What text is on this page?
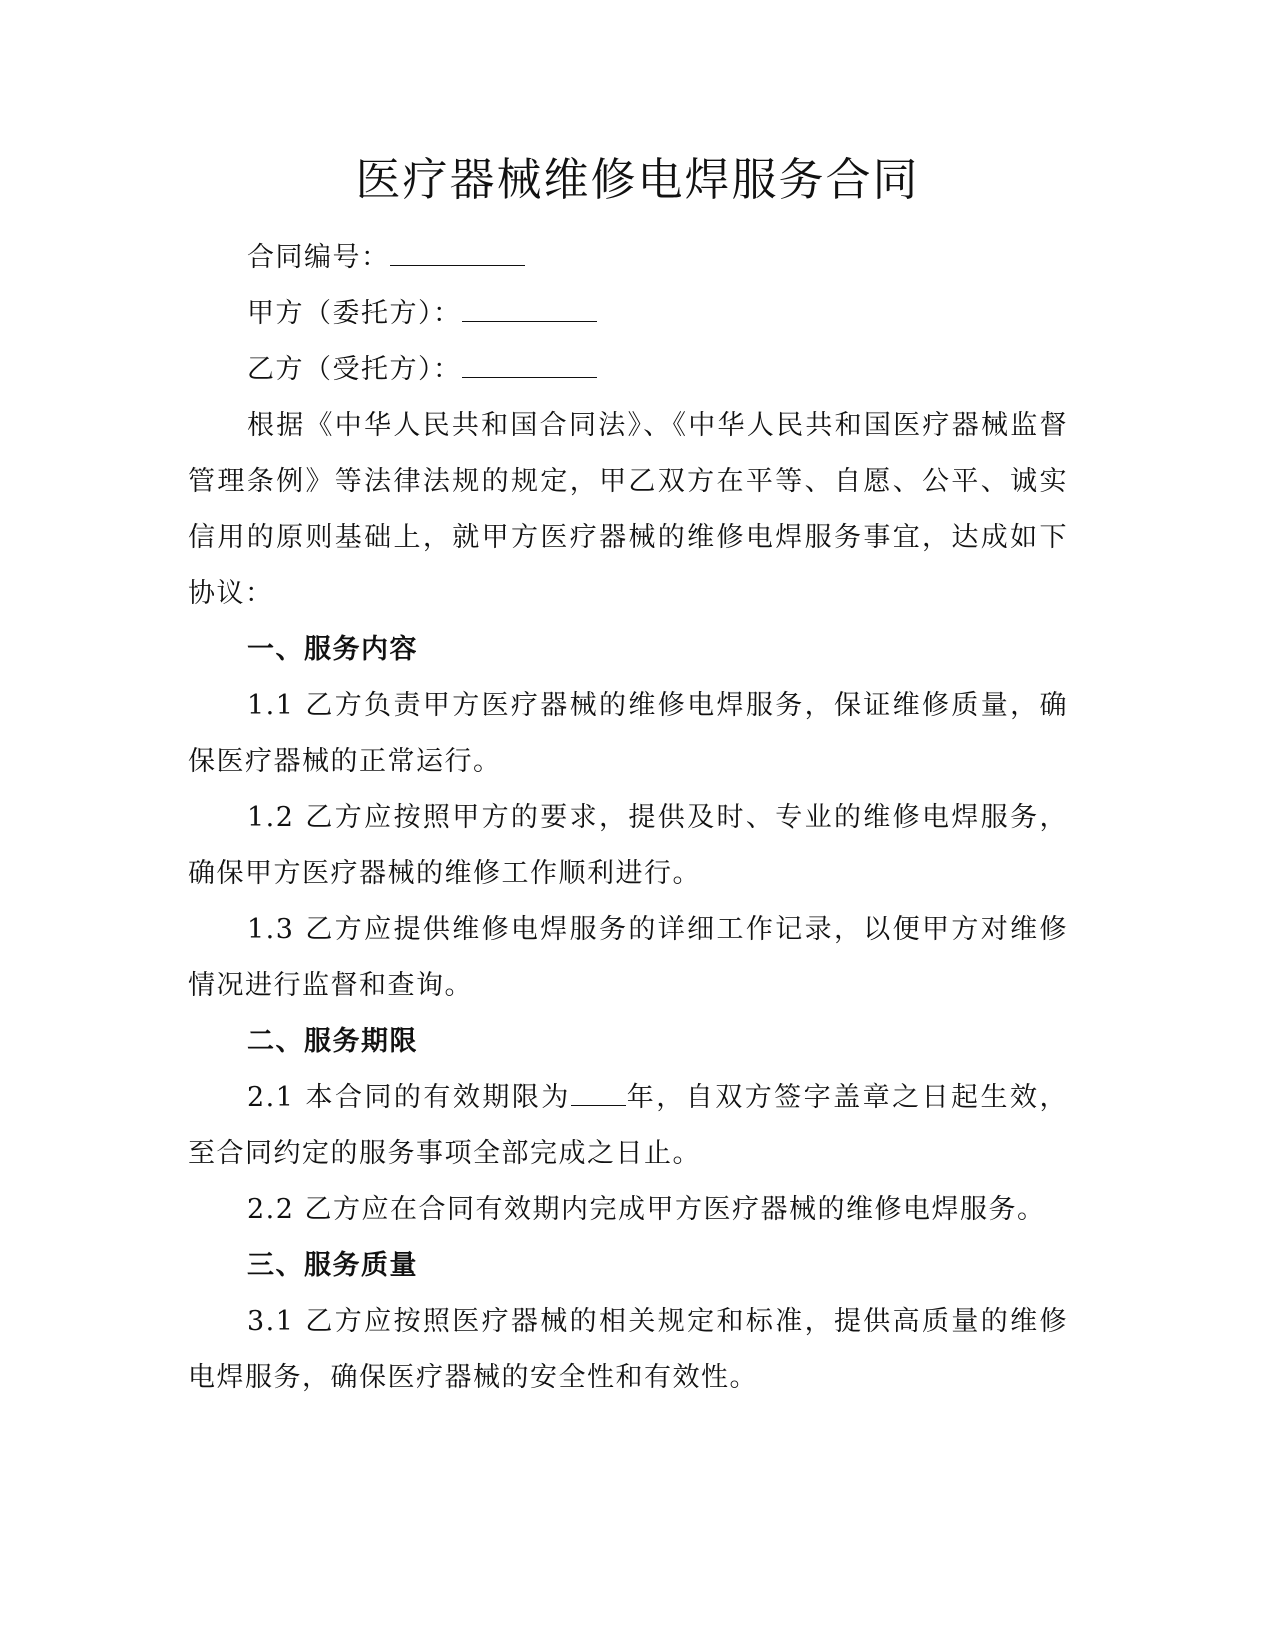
医疗器械维修电焊服务合同

合同编号：

甲方（委托方）：

乙方（受托方）：

根据《中华人民共和国合同法》、《中华人民共和国医疗器械监督管理条例》等法律法规的规定，甲乙双方在平等、自愿、公平、诚实信用的原则基础上，就甲方医疗器械的维修电焊服务事宜，达成如下协议：

一、服务内容

1.1 乙方负责甲方医疗器械的维修电焊服务，保证维修质量，确保医疗器械的正常运行。

1.2 乙方应按照甲方的要求，提供及时、专业的维修电焊服务，确保甲方医疗器械的维修工作顺利进行。

1.3 乙方应提供维修电焊服务的详细工作记录，以便甲方对维修情况进行监督和查询。

二、服务期限

2.1 本合同的有效期限为 年，自双方签字盖章之日起生效，至合同约定的服务事项全部完成之日止。

2.2 乙方应在合同有效期内完成甲方医疗器械的维修电焊服务。

三、服务质量

3.1 乙方应按照医疗器械的相关规定和标准，提供高质量的维修电焊服务，确保医疗器械的安全性和有效性。
